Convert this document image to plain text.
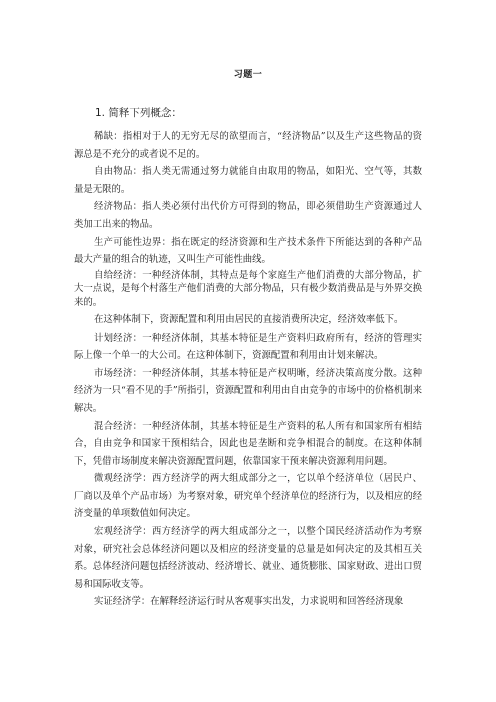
习题一
1. 简释下列概念：

稀缺：指相对于人的无穷无尽的欲望而言，“经济物品”以及生产这些物品的资源总是不充分的或者说不足的。

自由物品：指人类无需通过努力就能自由取用的物品，如阳光、空气等，其数量是无限的。

经济物品：指人类必须付出代价方可得到的物品，即必须借助生产资源通过人类加工出来的物品。

生产可能性边界：指在既定的经济资源和生产技术条件下所能达到的各种产品最大产量的组合的轨迹，又叫生产可能性曲线。

自给经济：一种经济体制，其特点是每个家庭生产他们消费的大部分物品，扩大一点说，是每个村落生产他们消费的大部分物品，只有极少数消费品是与外界交换来的。

在这种体制下，资源配置和利用由居民的直接消费所决定，经济效率低下。

计划经济：一种经济体制，其基本特征是生产资料归政府所有，经济的管理实际上像一个单一的大公司。在这种体制下，资源配置和利用由计划来解决。

市场经济：一种经济体制，其基本特征是产权明晰，经济决策高度分散。这种经济为一只“看不见的手”所指引，资源配置和利用由自由竞争的市场中的价格机制来解决。

混合经济：一种经济体制，其基本特征是生产资料的私人所有和国家所有相结合，自由竞争和国家干预相结合，因此也是垄断和竞争相混合的制度。在这种体制下，凭借市场制度来解决资源配置问题，依靠国家干预来解决资源利用问题。

微观经济学：西方经济学的两大组成部分之一，它以单个经济单位（居民户、厂商以及单个产品市场）为考察对象，研究单个经济单位的经济行为，以及相应的经济变量的单项数值如何决定。

宏观经济学：西方经济学的两大组成部分之一，以整个国民经济活动作为考察对象，研究社会总体经济问题以及相应的经济变量的总量是如何决定的及其相互关系。总体经济问题包括经济波动、经济增长、就业、通货膨胀、国家财政、进出口贸易和国际收支等。

实证经济学：在解释经济运行时从客观事实出发，力求说明和回答经济现象
